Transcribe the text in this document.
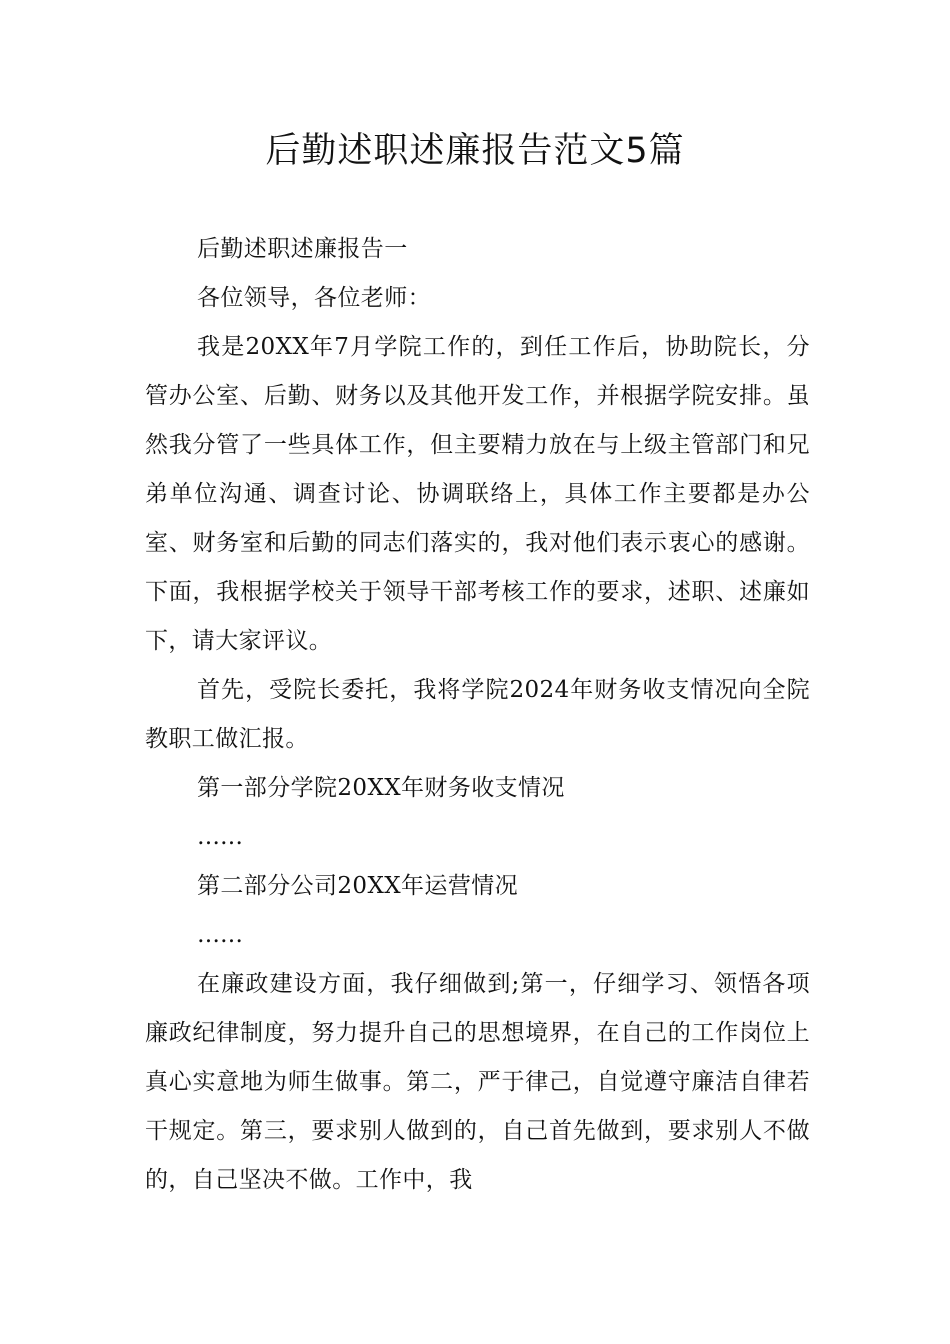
后勤述职述廉报告范文5篇

后勤述职述廉报告一

各位领导，各位老师：

我是20XX年7月学院工作的，到任工作后，协助院长，分管办公室、后勤、财务以及其他开发工作，并根据学院安排。虽然我分管了一些具体工作，但主要精力放在与上级主管部门和兄弟单位沟通、调查讨论、协调联络上，具体工作主要都是办公室、财务室和后勤的同志们落实的，我对他们表示衷心的感谢。下面，我根据学校关于领导干部考核工作的要求，述职、述廉如下，请大家评议。

首先，受院长委托，我将学院2024年财务收支情况向全院教职工做汇报。

第一部分学院20XX年财务收支情况

……

第二部分公司20XX年运营情况

……

在廉政建设方面，我仔细做到;第一，仔细学习、领悟各项廉政纪律制度，努力提升自己的思想境界，在自己的工作岗位上真心实意地为师生做事。第二，严于律己，自觉遵守廉洁自律若干规定。第三，要求别人做到的，自己首先做到，要求别人不做的，自己坚决不做。工作中，我
